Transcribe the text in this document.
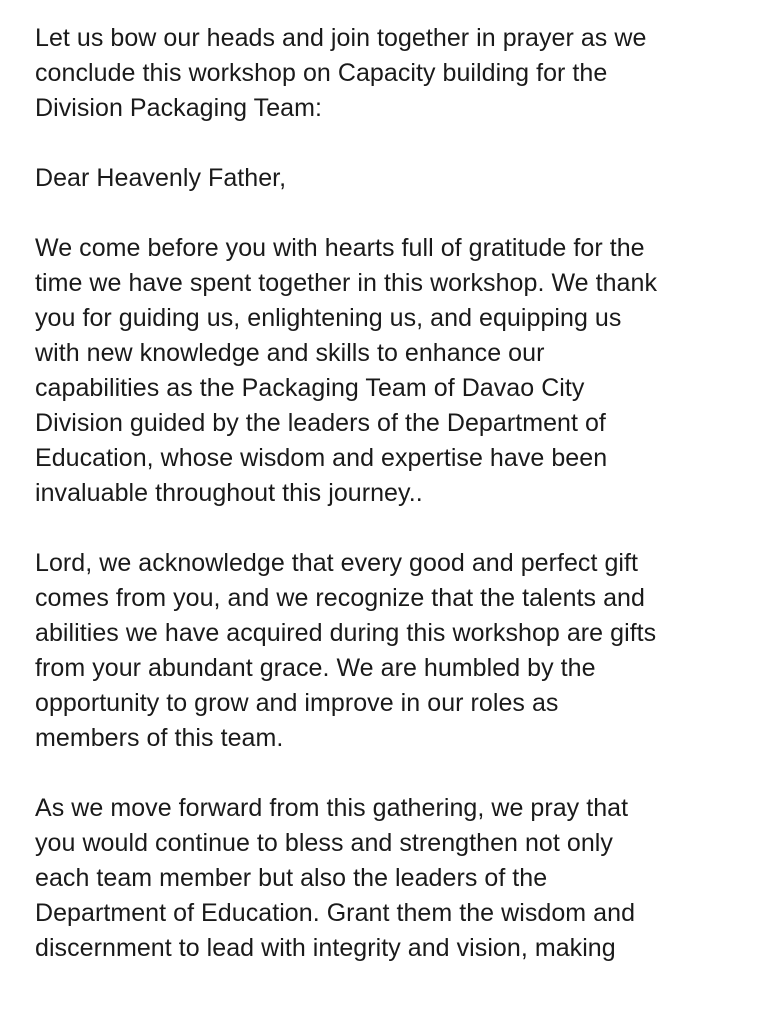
Let us bow our heads and join together in prayer as we
conclude this workshop on Capacity building for the
Division Packaging Team:

Dear Heavenly Father,

We come before you with hearts full of gratitude for the
time we have spent together in this workshop. We thank
you for guiding us, enlightening us, and equipping us
with new knowledge and skills to enhance our
capabilities as the Packaging Team of Davao City
Division guided by the leaders of the Department of
Education, whose wisdom and expertise have been
invaluable throughout this journey..

Lord, we acknowledge that every good and perfect gift
comes from you, and we recognize that the talents and
abilities we have acquired during this workshop are gifts
from your abundant grace. We are humbled by the
opportunity to grow and improve in our roles as
members of this team.

As we move forward from this gathering, we pray that
you would continue to bless and strengthen not only
each team member but also the leaders of the
Department of Education. Grant them the wisdom and
discernment to lead with integrity and vision, making
